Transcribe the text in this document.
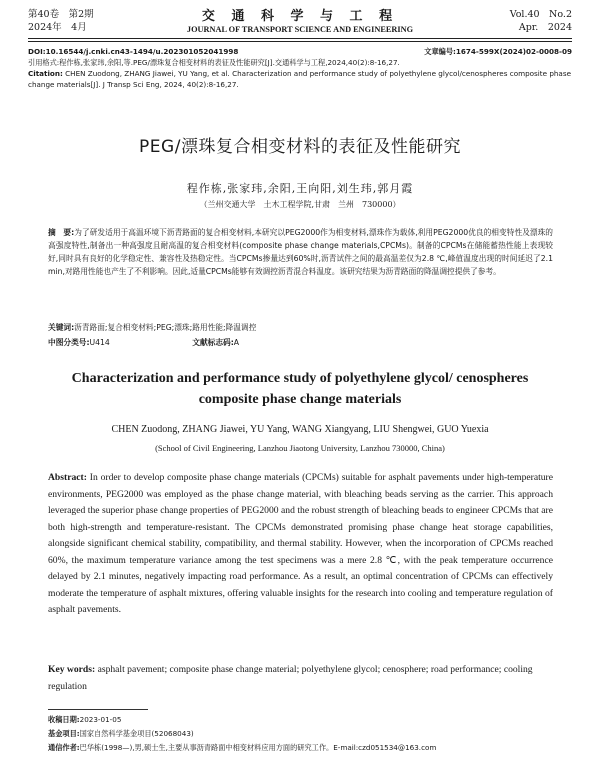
第40卷　第2期
2024年　4月
交 通 科 学 与 工 程
JOURNAL OF TRANSPORT SCIENCE AND ENGINEERING
Vol.40　No.2
Apr.　2024
DOI:10.16544/j.cnki.cn43-1494/u.202301052041998	文章编号:1674-599X(2024)02-0008-09
引用格式:程作栋,张家玮,余阳,等.PEG/漂珠复合相变材料的表征及性能研究[J].交通科学与工程,2024,40(2):8-16,27.
Citation: CHEN Zuodong, ZHANG Jiawei, YU Yang, et al. Characterization and performance study of polyethylene glycol/cenospheres composite phase change materials[J]. J Transp Sci Eng, 2024, 40(2):8-16,27.
PEG/漂珠复合相变材料的表征及性能研究
程作栋,张家玮,余阳,王向阳,刘生玮,郭月霞
（兰州交通大学　土木工程学院,甘肃　兰州　730000）
摘　要:为了研发适用于高温环境下沥青路面的复合相变材料,本研究以PEG2000作为相变材料,漂珠作为载体,利用PEG2000优良的相变特性及漂珠的高强度特性,制备出一种高强度且耐高温的复合相变材料(composite phase change materials,CPCMs)。制备的CPCMs在储能蓄热性能上表现较好,同时具有良好的化学稳定性、兼容性及热稳定性。当CPCMs掺量达到60%时,沥青试件之间的最高温差仅为2.8 ℃,峰值温度出现的时间延迟了2.1 min,对路用性能也产生了不利影响。因此,适量CPCMs能够有效调控沥青混合料温度。该研究结果为沥青路面的降温调控提供了参考。
关键词:沥青路面;复合相变材料;PEG;漂珠;路用性能;降温调控
中图分类号:U414	文献标志码:A
Characterization and performance study of polyethylene glycol/ cenospheres composite phase change materials
CHEN Zuodong, ZHANG Jiawei, YU Yang, WANG Xiangyang, LIU Shengwei, GUO Yuexia
(School of Civil Engineering, Lanzhou Jiaotong University, Lanzhou 730000, China)
Abstract: In order to develop composite phase change materials (CPCMs) suitable for asphalt pavements under high-temperature environments, PEG2000 was employed as the phase change material, with bleaching beads serving as the carrier. This approach leveraged the superior phase change properties of PEG2000 and the robust strength of bleaching beads to engineer CPCMs that are both high-strength and temperature-resistant. The CPCMs demonstrated promising phase change heat storage capabilities, alongside significant chemical stability, compatibility, and thermal stability. However, when the incorporation of CPCMs reached 60%, the maximum temperature variance among the test specimens was a mere 2.8 ℃, with the peak temperature occurrence delayed by 2.1 minutes, negatively impacting road performance. As a result, an optimal concentration of CPCMs can effectively moderate the temperature of asphalt mixtures, offering valuable insights for the research into cooling and temperature regulation of asphalt pavements.
Key words: asphalt pavement; composite phase change material; polyethylene glycol; cenosphere; road performance; cooling regulation
收稿日期:2023-01-05
基金项目:国家自然科学基金项目(52068043)
通信作者:巴华栋(1998—),男,硕士生,主要从事沥青路面中相变材料应用方面的研究工作。E-mail:czd051534@163.com
